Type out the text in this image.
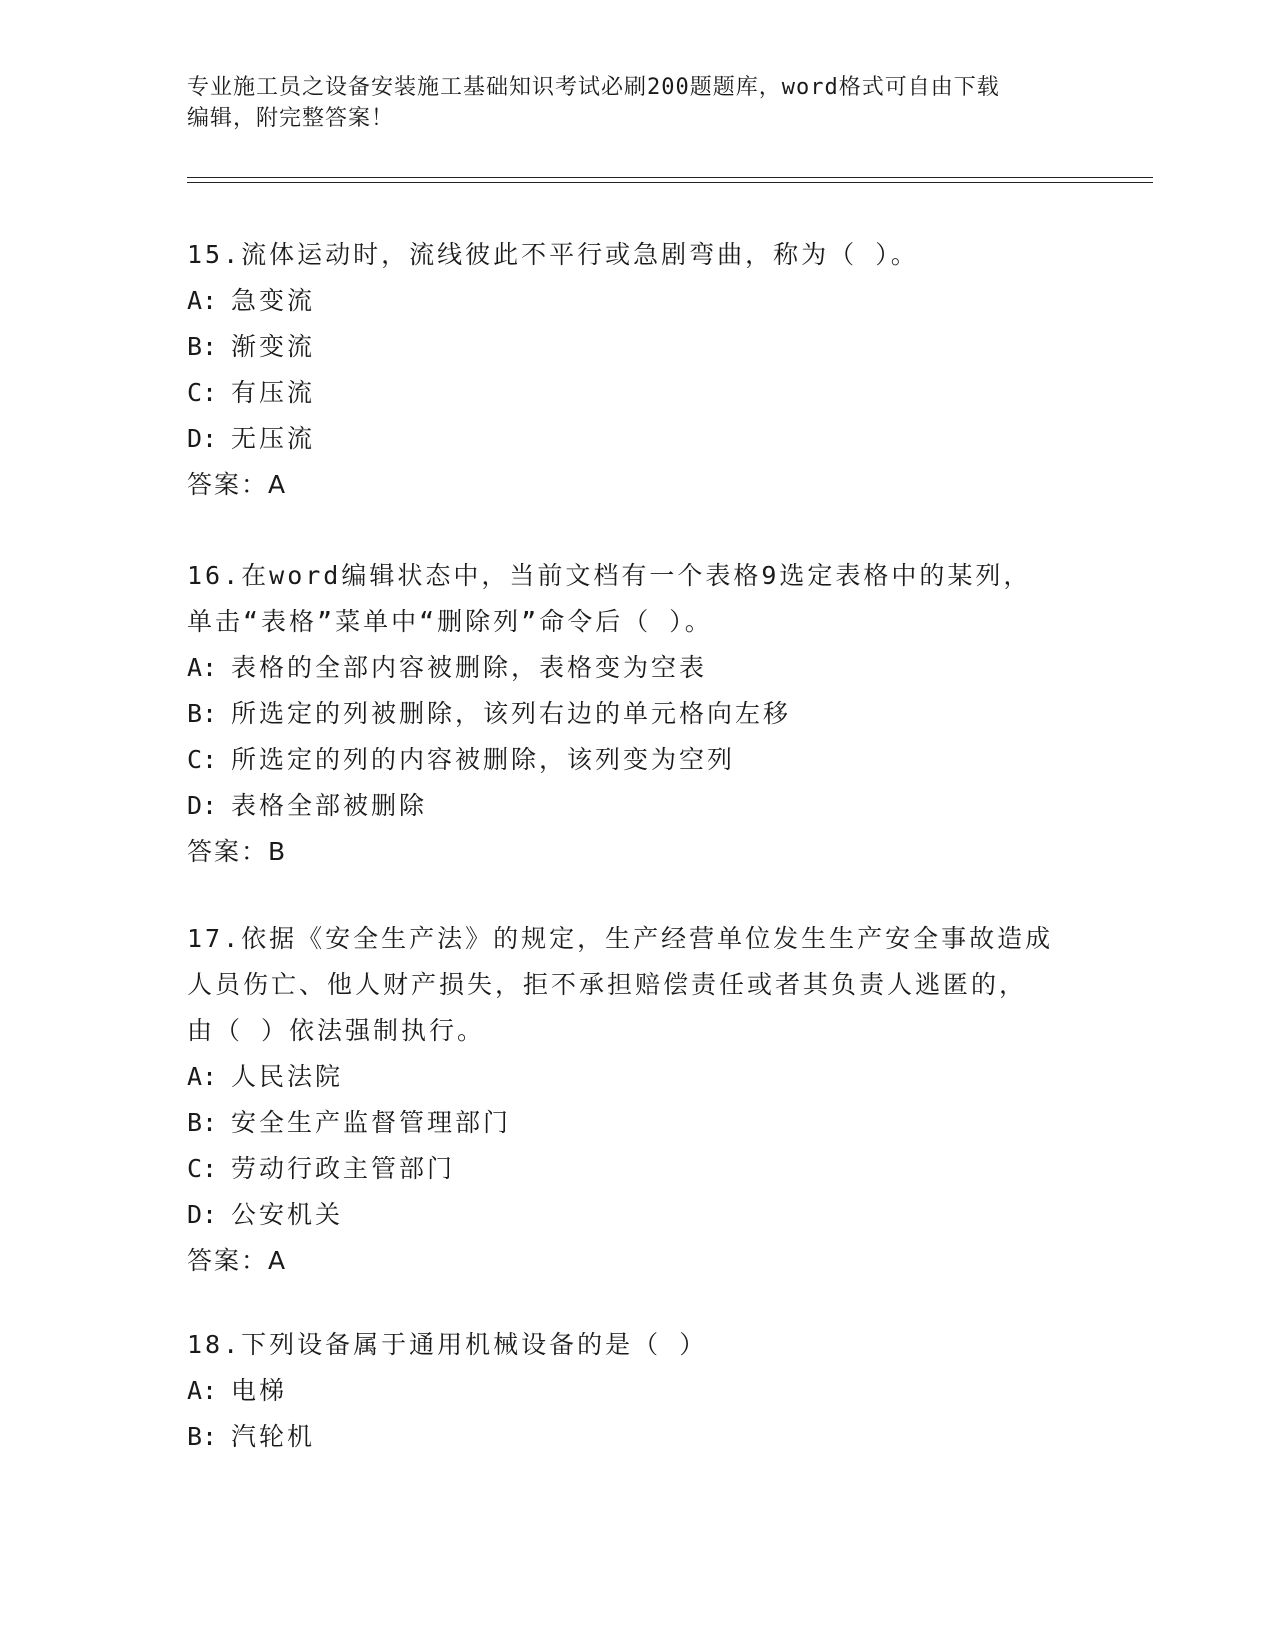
专业施工员之设备安装施工基础知识考试必刷200题题库，word格式可自由下载
编辑，附完整答案！
15.流体运动时，流线彼此不平行或急剧弯曲，称为（ ）。
A: 急变流
B: 渐变流
C: 有压流
D: 无压流
答案：A
16.在word编辑状态中，当前文档有一个表格9选定表格中的某列，
单击“表格”菜单中“删除列”命令后（ ）。
A: 表格的全部内容被删除，表格变为空表
B: 所选定的列被删除，该列右边的单元格向左移
C: 所选定的列的内容被删除，该列变为空列
D: 表格全部被删除
答案：B
17.依据《安全生产法》的规定，生产经营单位发生生产安全事故造成
人员伤亡、他人财产损失，拒不承担赔偿责任或者其负责人逃匿的，
由（ ）依法强制执行。
A: 人民法院
B: 安全生产监督管理部门
C: 劳动行政主管部门
D: 公安机关
答案：A
18.下列设备属于通用机械设备的是（ ）
A: 电梯
B: 汽轮机
